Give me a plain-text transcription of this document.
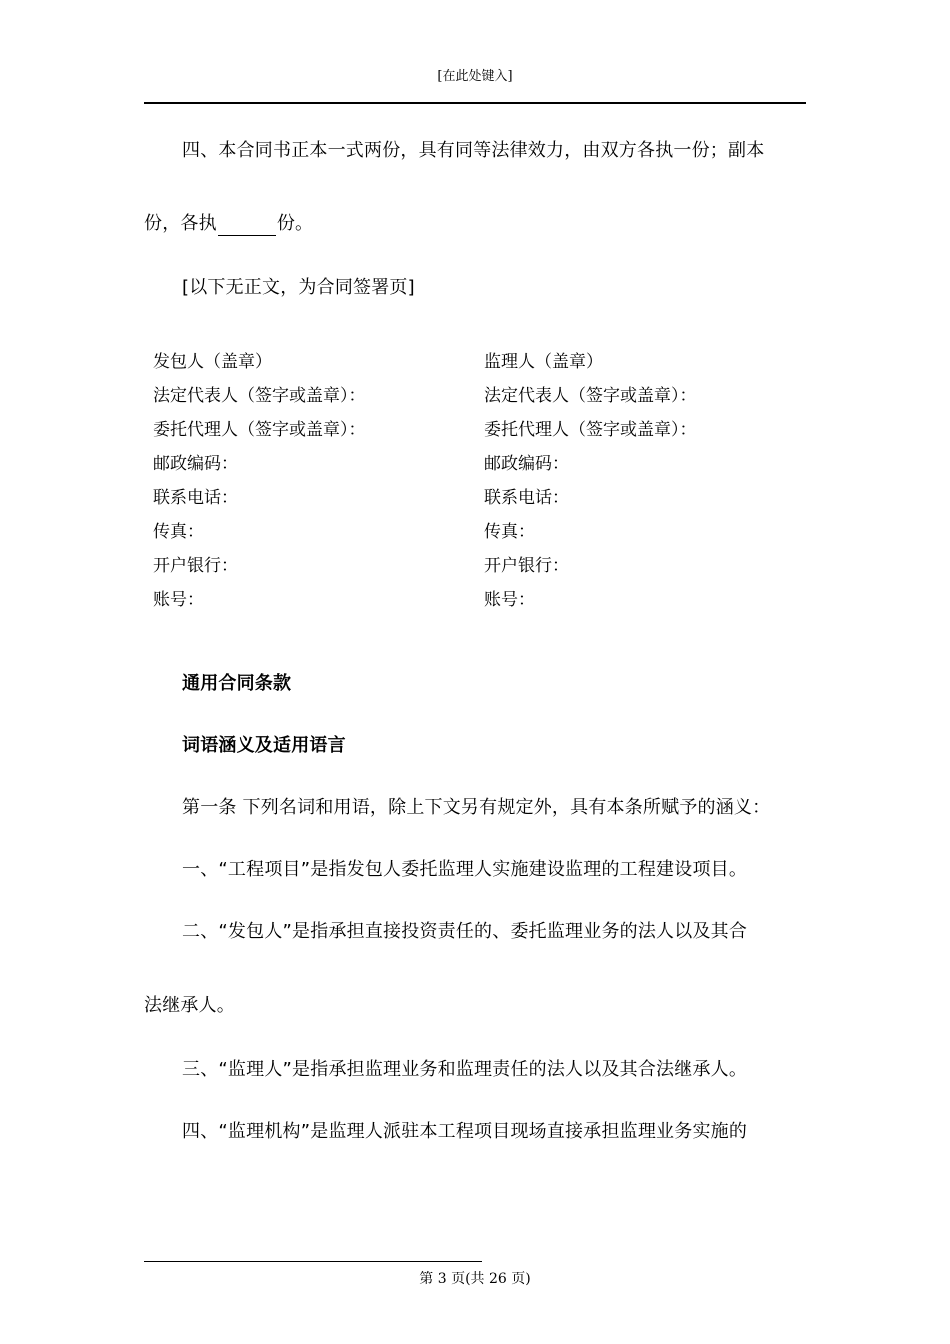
[在此处键入]
四、本合同书正本一式两份，具有同等法律效力，由双方各执一份；副本
份，各执	份。
[以下无正文，为合同签署页]
发包人（盖章）
法定代表人（签字或盖章）：
委托代理人（签字或盖章）：
邮政编码：
联系电话：
传真：
开户银行：
账号：
监理人（盖章）
法定代表人（签字或盖章）：
委托代理人（签字或盖章）：
邮政编码：
联系电话：
传真：
开户银行：
账号：
通用合同条款
词语涵义及适用语言
第一条 下列名词和用语，除上下文另有规定外，具有本条所赋予的涵义：
一、“工程项目”是指发包人委托监理人实施建设监理的工程建设项目。
二、“发包人”是指承担直接投资责任的、委托监理业务的法人以及其合
法继承人。
三、“监理人”是指承担监理业务和监理责任的法人以及其合法继承人。
四、“监理机构”是监理人派驻本工程项目现场直接承担监理业务实施的
第 3 页(共 26 页)
